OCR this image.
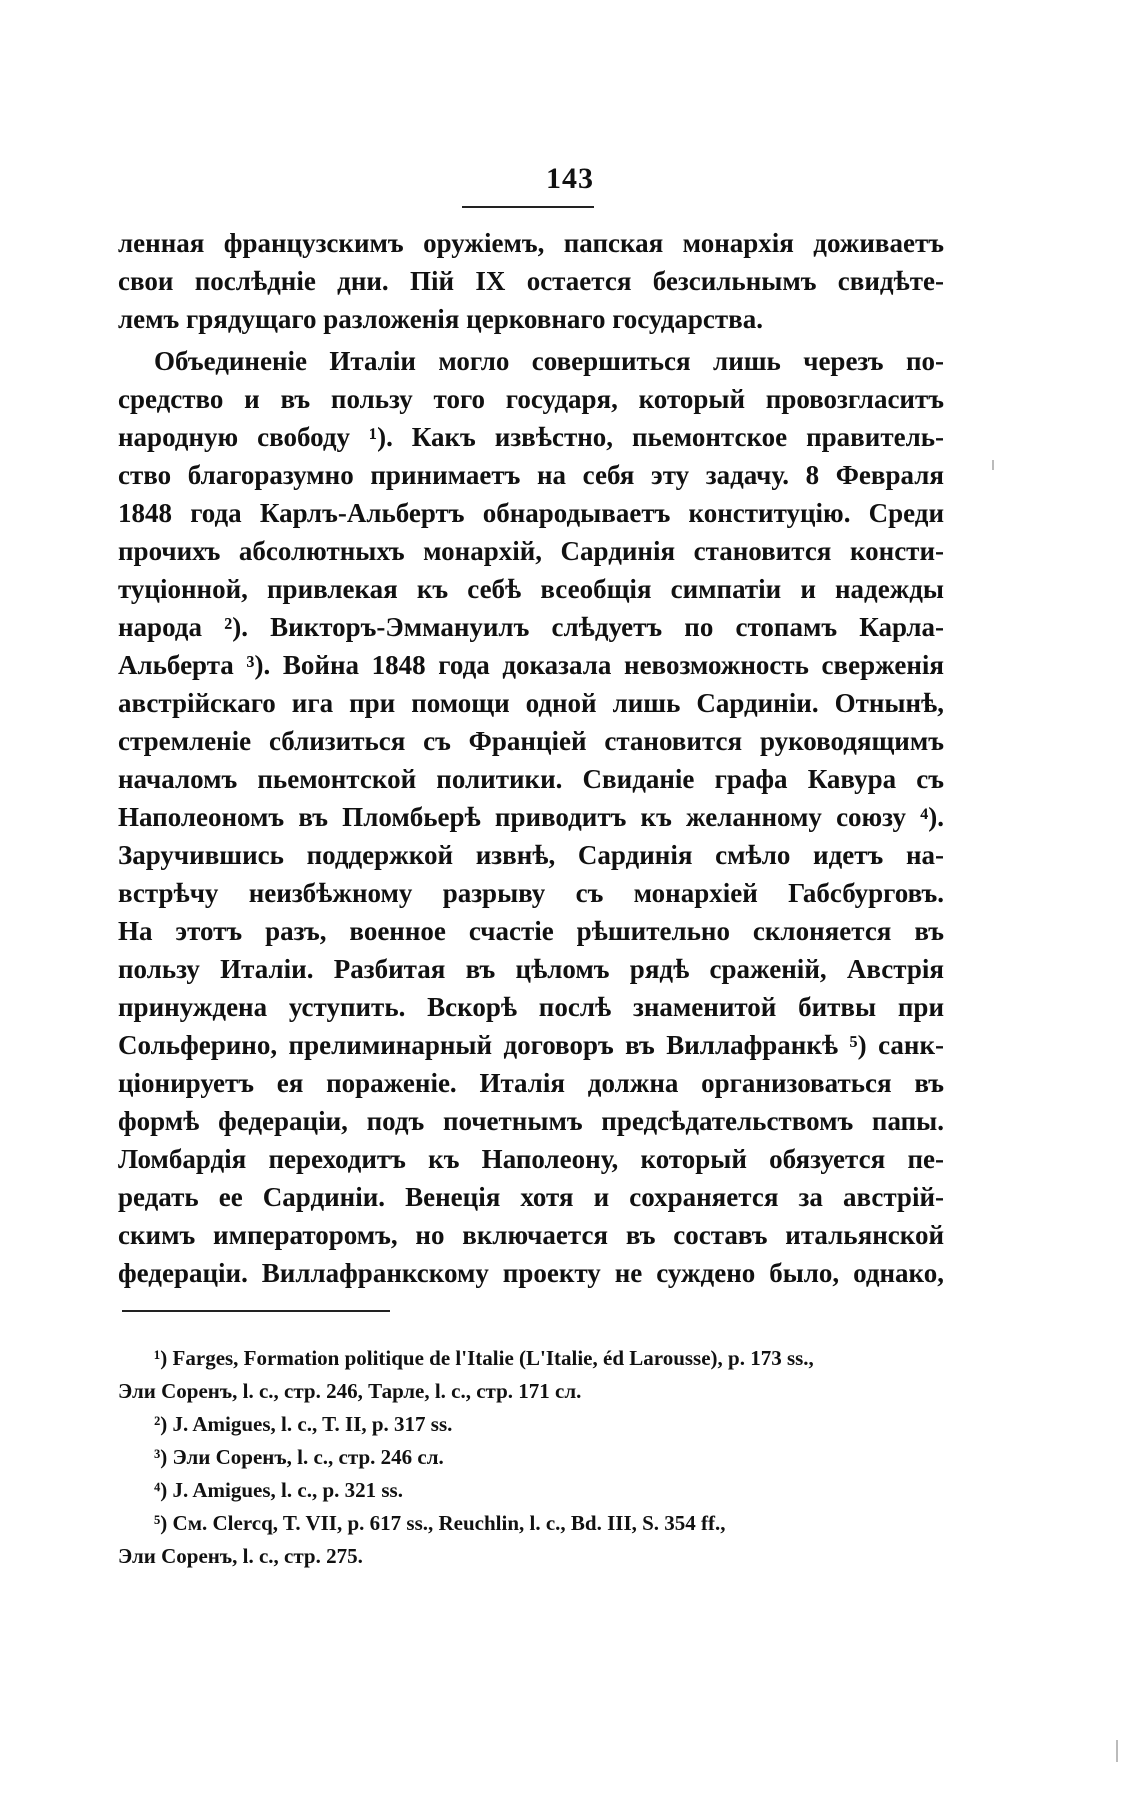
143
ленная французскимъ оружіемъ, папская монархія доживаетъ
свои послѣдніе дни. Пій IX остается безсильнымъ свидѣте-
лемъ грядущаго разложенія церковнаго государства.
Объединеніе Италіи могло совершиться лишь черезъ по-
средство и въ пользу того государя, который провозгласитъ
народную свободу ¹). Какъ извѣстно, пьемонтское правитель-
ство благоразумно принимаетъ на себя эту задачу. 8 Февраля
1848 года Карлъ-Альбертъ обнародываетъ конституцію. Среди
прочихъ абсолютныхъ монархій, Сардинія становится консти-
туціонной, привлекая къ себѣ всеобщія симпатіи и надежды
народа ²). Викторъ-Эммануилъ слѣдуетъ по стопамъ Карла-
Альберта ³). Война 1848 года доказала невозможность сверженія
австрійскаго ига при помощи одной лишь Сардиніи. Отнынѣ,
стремленіе сблизиться съ Франціей становится руководящимъ
началомъ пьемонтской политики. Свиданіе графа Кавура съ
Наполеономъ въ Пломбьерѣ приводитъ къ желанному союзу ⁴).
Заручившись поддержкой извнѣ, Сардинія смѣло идетъ на-
встрѣчу неизбѣжному разрыву съ монархіей Габсбурговъ.
На этотъ разъ, военное счастіе рѣшительно склоняется въ
пользу Италіи. Разбитая въ цѣломъ рядѣ сраженій, Австрія
принуждена уступить. Вскорѣ послѣ знаменитой битвы при
Сольферино, прелиминарный договоръ въ Виллафранкѣ ⁵) санк-
ціонируетъ ея пораженіе. Италія должна организоваться въ
формѣ федераціи, подъ почетнымъ предсѣдательствомъ папы.
Ломбардія переходитъ къ Наполеону, который обязуется пе-
редать ее Сардиніи. Венеція хотя и сохраняется за австрій-
скимъ императоромъ, но включается въ составъ итальянской
федераціи. Виллафранкскому проекту не суждено было, однако,
¹) Farges, Formation politique de l'Italie (L'Italie, éd Larousse), p. 173 ss.,
Эли Соренъ, l. c., стр. 246, Тарле, l. c., стр. 171 сл.
²) J. Amigues, l. c., T. II, p. 317 ss.
³) Эли Соренъ, l. c., стр. 246 сл.
⁴) J. Amigues, l. c., p. 321 ss.
⁵) См. Clercq, T. VII, p. 617 ss., Reuchlin, l. c., Bd. III, S. 354 ff.,
Эли Соренъ, l. c., стр. 275.
